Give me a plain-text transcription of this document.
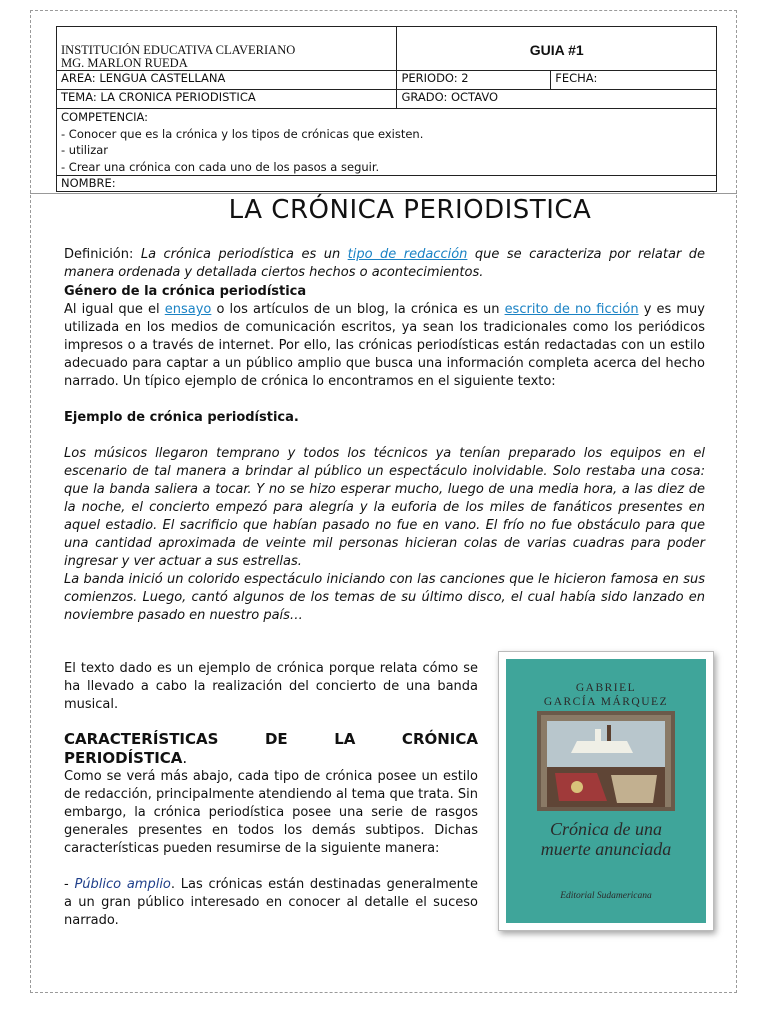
INSTITUCIÓN EDUCATIVA CLAVERIANO
MG. MARLON RUEDA	GUIA #1	
AREA: LENGUA CASTELLANA	PERIODO: 2	FECHA:
TEMA: LA CRONICA PERIODISTICA	GRADO: OCTAVO	

COMPETENCIA:
- Conocer que es la crónica y los tipos de crónicas que existen.
- utilizar
- Crear una crónica con cada uno de los pasos a seguir.		

NOMBRE:		
LA CRÓNICA PERIODISTICA

Definición: La crónica periodística es un tipo de redacción que se caracteriza por relatar de manera ordenada y detallada ciertos hechos o acontecimientos.

Género de la crónica periodística

Al igual que el ensayo o los artículos de un blog, la crónica es un escrito de no ficción y es muy utilizada en los medios de comunicación escritos, ya sean los tradicionales como los periódicos impresos o a través de internet. Por ello, las crónicas periodísticas están redactadas con un estilo adecuado para captar a un público amplio que busca una información completa acerca del hecho narrado. Un típico ejemplo de crónica lo encontramos en el siguiente texto:

Ejemplo de crónica periodística.

Los músicos llegaron temprano y todos los técnicos ya tenían preparado los equipos en el escenario de tal manera a brindar al público un espectáculo inolvidable. Solo restaba una cosa: que la banda saliera a tocar. Y no se hizo esperar mucho, luego de una media hora, a las diez de la noche, el concierto empezó para alegría y la euforia de los miles de fanáticos presentes en aquel estadio. El sacrificio que habían pasado no fue en vano. El frío no fue obstáculo para que una cantidad aproximada de veinte mil personas hicieran colas de varias cuadras para poder ingresar y ver actuar a sus estrellas.

La banda inició un colorido espectáculo iniciando con las canciones que le hicieron famosa en sus comienzos. Luego, cantó algunos de los temas de su último disco, el cual había sido lanzado en noviembre pasado en nuestro país…

El texto dado es un ejemplo de crónica porque relata cómo se ha llevado a cabo la realización del concierto de una banda musical.

CARACTERÍSTICAS DE LA CRÓNICA PERIODÍSTICA.

Como se verá más abajo, cada tipo de crónica posee un estilo de redacción, principalmente atendiendo al tema que trata. Sin embargo, la crónica periodística posee una serie de rasgos generales presentes en todos los demás subtipos. Dichas características pueden resumirse de la siguiente manera:

- Público amplio. Las crónicas están destinadas generalmente a un gran público interesado en conocer al detalle el suceso narrado.

GABRIEL
GARCÍA MÁRQUEZ
Crónica de una
muerte anunciada
Editorial Sudamericana
